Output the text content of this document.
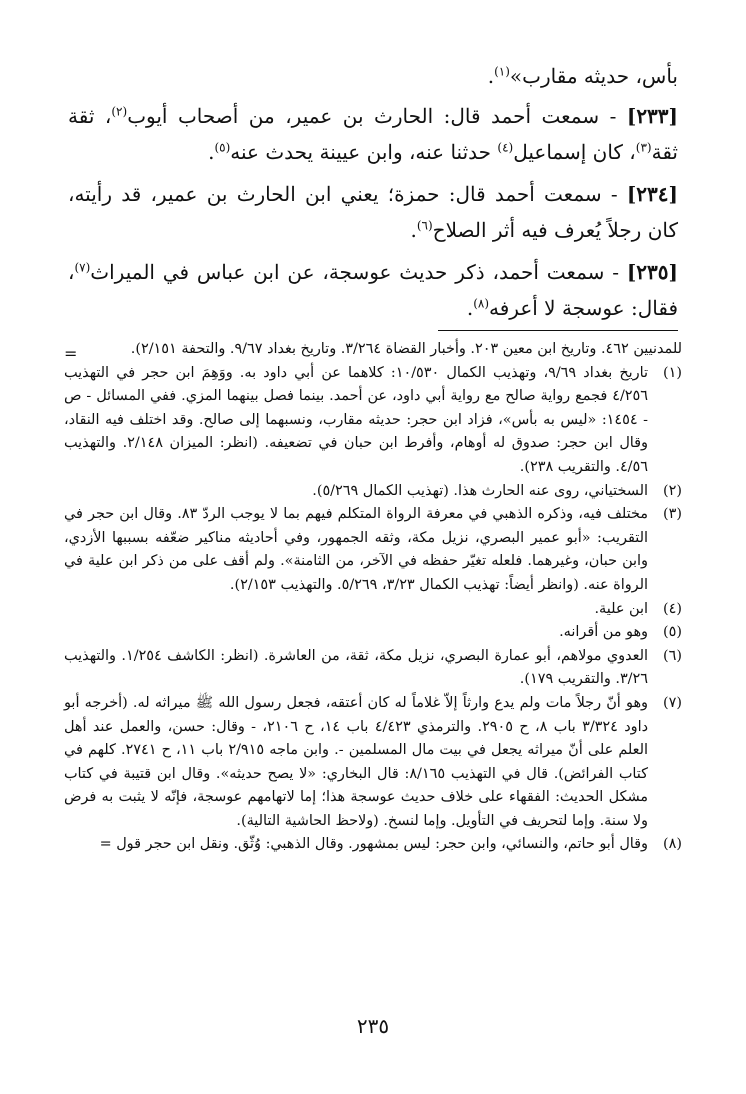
بأس، حديثه مقارب»$^{(١)}$.

[٢٣٣] - سمعت أحمد قال: الحارث بن عمير، من أصحاب أيوب$^{(٢)}$، ثقة ثقة$^{(٣)}$، كان إسماعيل$^{(٤)}$ حدثنا عنه، وابن عيينة يحدث عنه$^{(٥)}$.

[٢٣٤] - سمعت أحمد قال: حمزة؛ يعني ابن الحارث بن عمير، قد رأيته، كان رجلاً يُعرف فيه أثر الصلاح$^{(٦)}$.

[٢٣٥] - سمعت أحمد، ذكر حديث عوسجة، عن ابن عباس في الميراث$^{(٧)}$، فقال: عوسجة لا أعرفه$^{(٨)}$.

=	للمدنيين ٤٦٢. وتاريخ ابن معين ٢٠٣. وأخبار القضاة ٣/٢٦٤. وتاريخ بغداد ٩/٦٧. والتحفة ٢/١٥١).
(١)
تاريخ بغداد ٩/٦٩، وتهذيب الكمال ١٠/٥٣٠: كلاهما عن أبي داود به. ووَهِمَ ابن حجر في التهذيب ٤/٢٥٦ فجمع رواية صالح مع رواية أبي داود، عن أحمد. بينما فصل بينهما المزي. ففي المسائل - ص - ١٤٥٤: «ليس به بأس»، فزاد ابن حجر: حديثه مقارب، ونسبهما إلى صالح. وقد اختلف فيه النقاد، وقال ابن حجر: صدوق له أوهام، وأفرط ابن حبان في تضعيفه. (انظر: الميزان ٢/١٤٨. والتهذيب ٤/٥٦. والتقريب ٢٣٨).
(٢)
السختياني، روى عنه الحارث هذا. (تهذيب الكمال ٥/٢٦٩).
(٣)
مختلف فيه، وذكره الذهبي في معرفة الرواة المتكلم فيهم بما لا يوجب الردّ ٨٣. وقال ابن حجر في التقريب: «أبو عمير البصري، نزيل مكة، وثقه الجمهور، وفي أحاديثه مناكير ضعّفه بسببها الأزدي، وابن حبان، وغيرهما. فلعله تغيّر حفظه في الآخر، من الثامنة». ولم أقف على من ذكر ابن علية في الرواة عنه. (وانظر أيضاً: تهذيب الكمال ٣/٢٣، ٥/٢٦٩. والتهذيب ٢/١٥٣).
(٤)
ابن علية.
(٥)
وهو من أقرانه.
(٦)
العدوي مولاهم، أبو عمارة البصري، نزيل مكة، ثقة، من العاشرة. (انظر: الكاشف ١/٢٥٤. والتهذيب ٣/٢٦. والتقريب ١٧٩).
(٧)
وهو أنّ رجلاً مات ولم يدع وارثاً إلاّ غلاماً له كان أعتقه، فجعل رسول الله ﷺ ميراثه له. (أخرجه أبو داود ٣/٣٢٤ باب ٨، ح ٢٩٠٥. والترمذي ٤/٤٢٣ باب ١٤، ح ٢١٠٦، - وقال: حسن، والعمل عند أهل العلم على أنّ ميراثه يجعل في بيت مال المسلمين -. وابن ماجه ٢/٩١٥ باب ١١، ح ٢٧٤١. كلهم في كتاب الفرائض). قال في التهذيب ٨/١٦٥: قال البخاري: «لا يصح حديثه». وقال ابن قتيبة في كتاب مشكل الحديث: الفقهاء على خلاف حديث عوسجة هذا؛ إما لاتهامهم عوسجة، فإنّه لا يثبت به فرض ولا سنة. وإما لتحريف في التأويل. وإما لنسخ. (ولاحظ الحاشية التالية).
(٨)
وقال أبو حاتم، والنسائي، وابن حجر: ليس بمشهور. وقال الذهبي: وُثّق. ونقل ابن حجر قول =
٢٣٥
